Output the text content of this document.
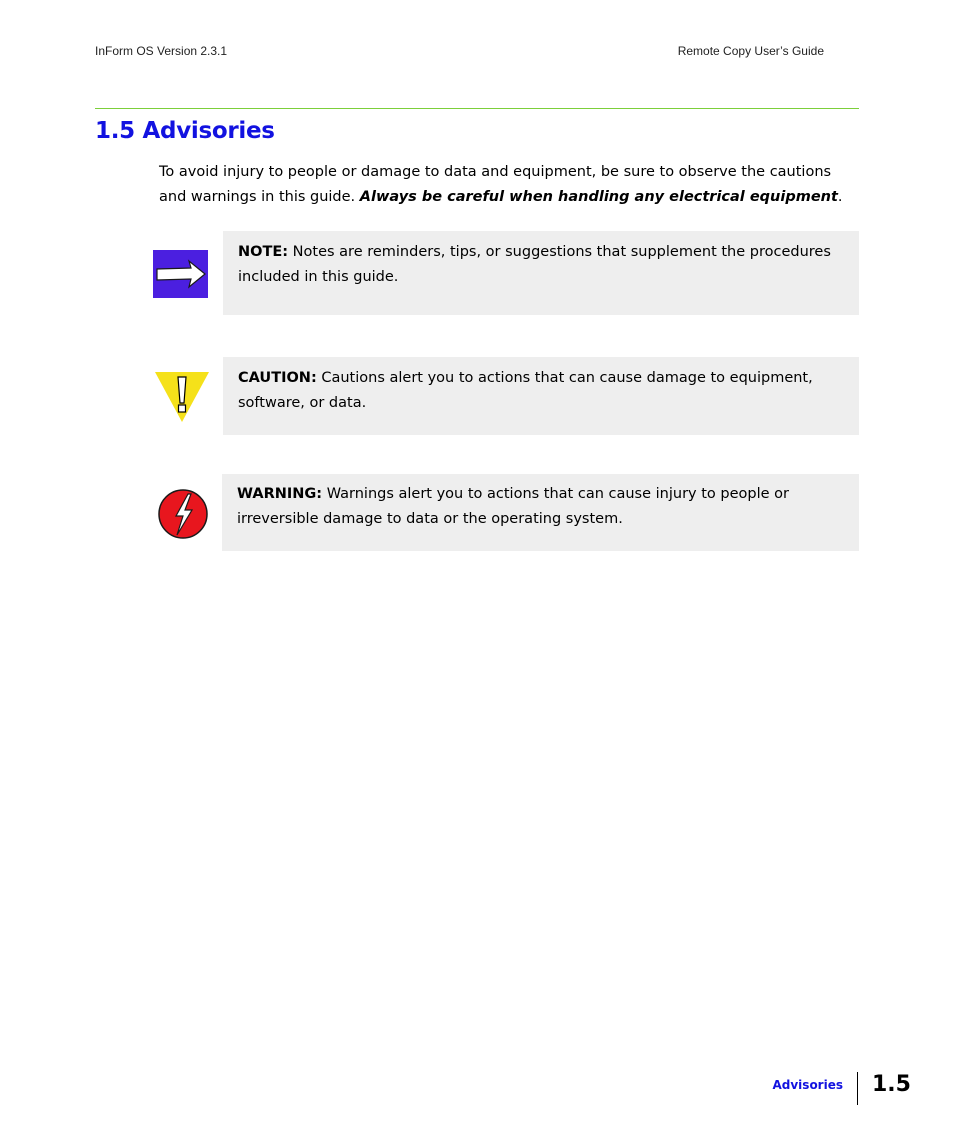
InForm OS Version 2.3.1	Remote Copy User’s Guide
1.5 Advisories

To avoid injury to people or damage to data and equipment, be sure to observe the cautions and warnings in this guide. Always be careful when handling any electrical equipment.

NOTE: Notes are reminders, tips, or suggestions that supplement the procedures included in this guide.

CAUTION: Cautions alert you to actions that can cause damage to equipment, software, or data.

WARNING: Warnings alert you to actions that can cause injury to people or irreversible damage to data or the operating system.

Advisories 1.5
